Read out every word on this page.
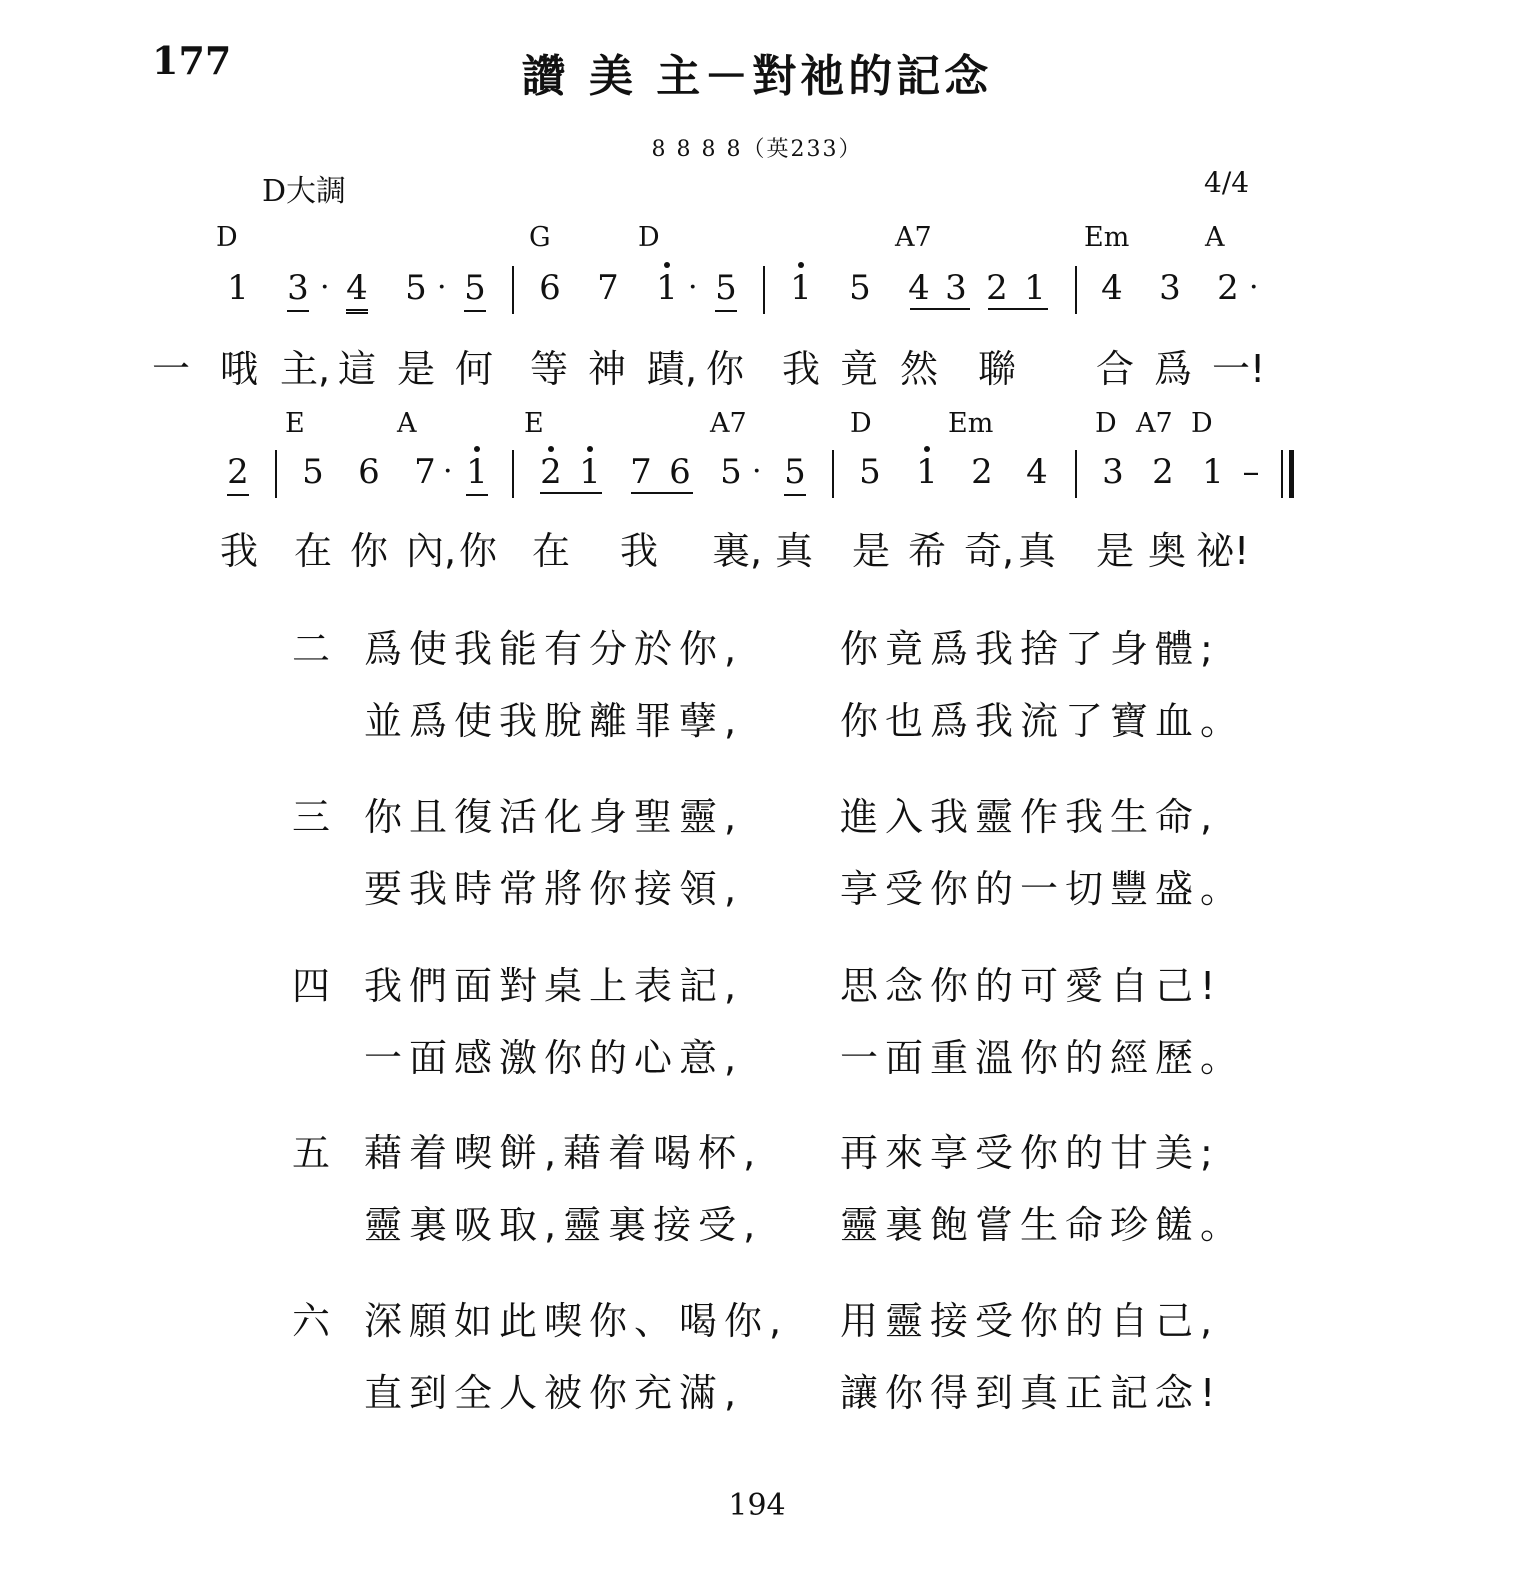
177	讚 美 主－對祂的記念
8 8 8 8（英233）
D大調	4/4
D	G	D	A7	Em	A
1 3 · 4 5 · 5 6 7 1 · 5 1 5 4 3 2 1 4 3 2 ·
一 哦 主, 這 是 何 等 神 蹟, 你 我 竟 然 聯 合 爲 一!
E	A	E	A7	D	Em	D A7 D
2 5 6 7 · 1 2 1 7 6 5 · 5 5 1 2 4 3 2 1 –
我 在 你 內, 你 在 我 裏, 真 是 希 奇, 真 是 奥 祕!
二 爲使我能有分於你,	你竟爲我捨了身體;
並爲使我脫離罪孽,	你也爲我流了寶血。
三 你且復活化身聖靈,	進入我靈作我生命,
要我時常將你接領,	享受你的一切豐盛。
四 我們面對桌上表記,	思念你的可愛自己!
一面感激你的心意,	一面重溫你的經歷。
五 藉着喫餅,藉着喝杯, 再來享受你的甘美;
靈裏吸取,靈裏接受, 靈裏飽嘗生命珍饈。
六 深願如此喫你、喝你, 用靈接受你的自己,
直到全人被你充滿,	讓你得到真正記念!
194
